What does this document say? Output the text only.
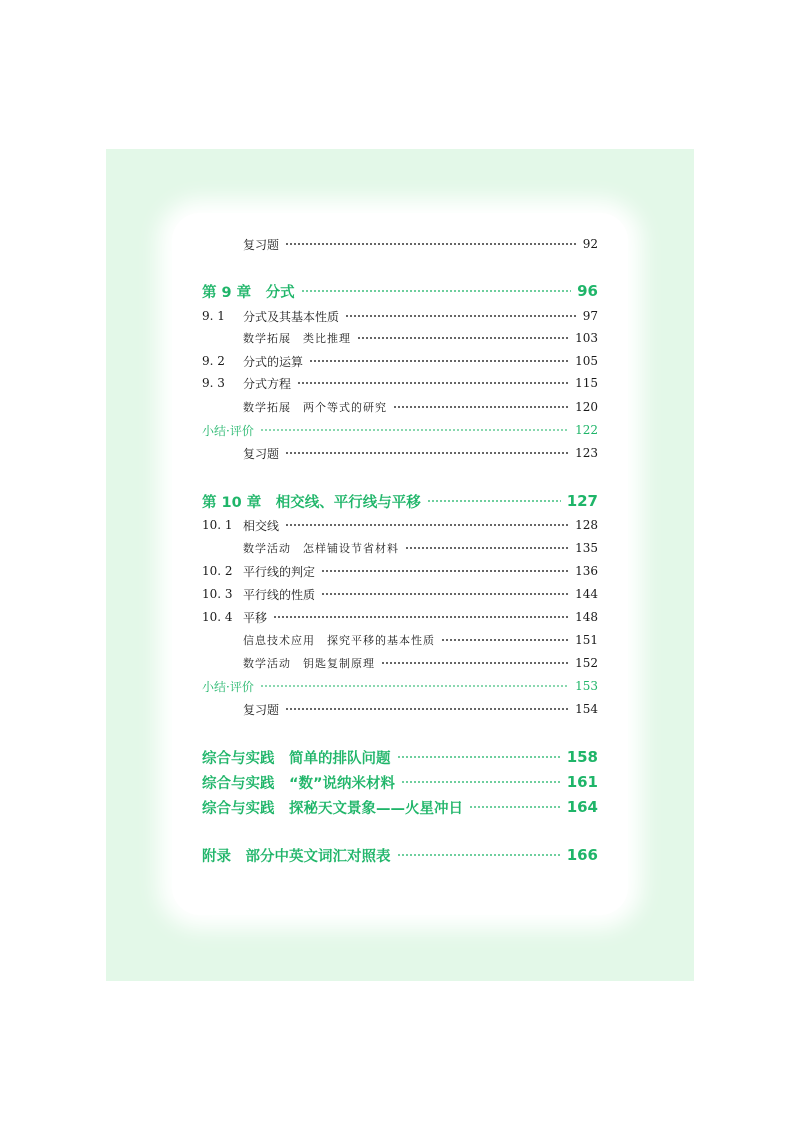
复习题	92
第 9 章　分式	96
9. 1	分式及其基本性质	97
数学拓展　类比推理	103
9. 2	分式的运算	105
9. 3	分式方程	115
数学拓展　两个等式的研究	120
小结·评价	122
复习题	123
第 10 章　相交线、平行线与平移	127
10. 1 相交线	128
数学活动　怎样铺设节省材料	135
10. 2 平行线的判定	136
10. 3 平行线的性质	144
10. 4 平移	148
信息技术应用　探究平移的基本性质	151
数学活动　钥匙复制原理	152
小结·评价	153
复习题	154
综合与实践　简单的排队问题	158
综合与实践　“数”说纳米材料	161
综合与实践　探秘天文景象——火星冲日	164
附录　部分中英文词汇对照表	166
